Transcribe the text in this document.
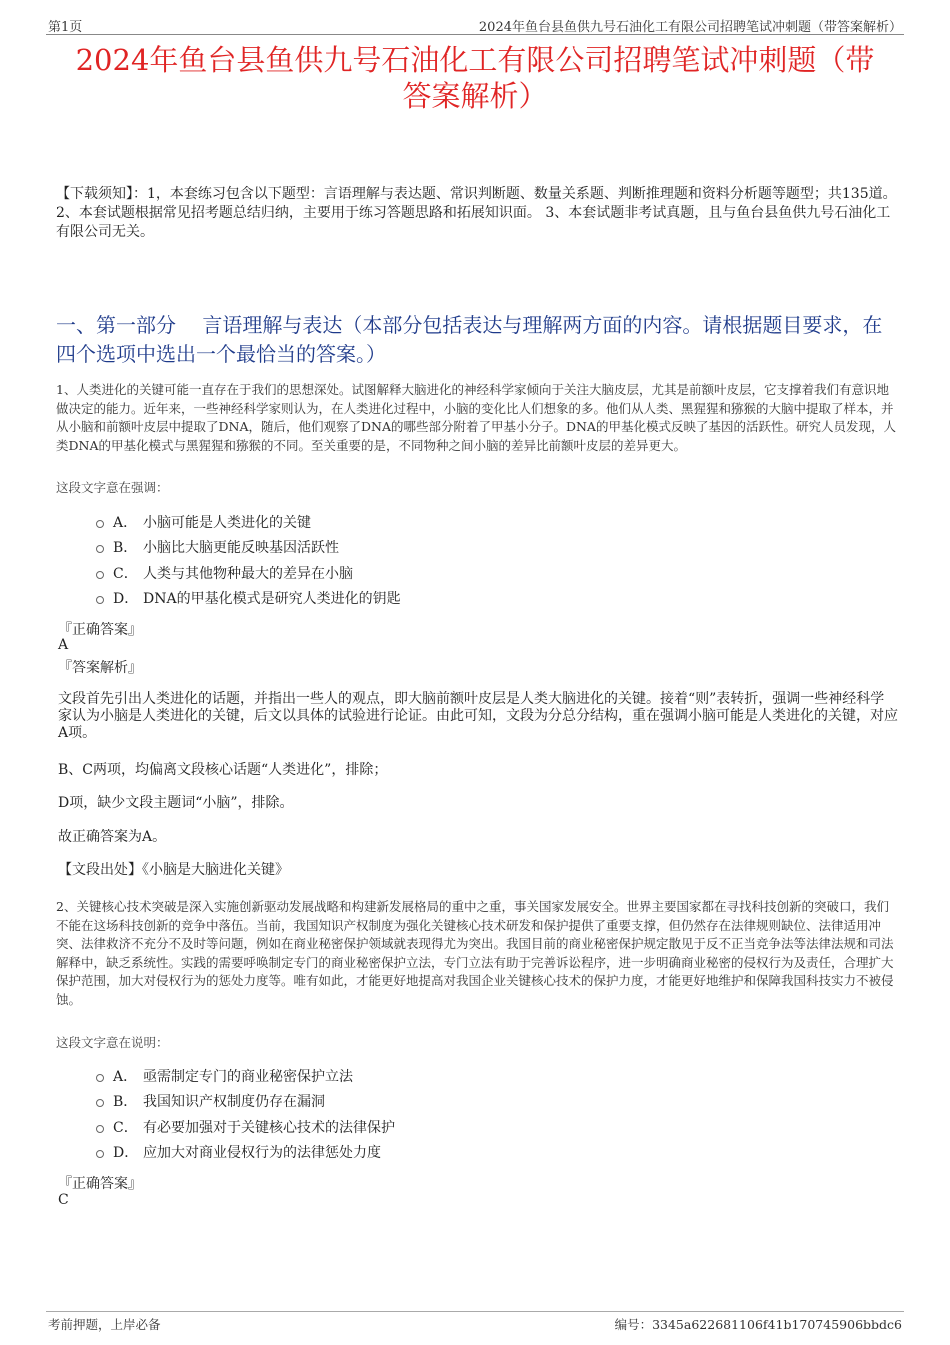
第1页	2024年鱼台县鱼供九号石油化工有限公司招聘笔试冲刺题（带答案解析）
2024年鱼台县鱼供九号石油化工有限公司招聘笔试冲刺题（带
答案解析）
【下载须知】：1，本套练习包含以下题型：言语理解与表达题、常识判断题、数量关系题、判断推理题和资料分析题等题型；共135道。 2、本套试题根据常见招考题总结归纳，主要用于练习答题思路和拓展知识面。 3、本套试题非考试真题，且与鱼台县鱼供九号石油化工有限公司无关。
一、第一部分　 言语理解与表达（本部分包括表达与理解两方面的内容。请根据题目要求，在四个选项中选出一个最恰当的答案。）
1、人类进化的关键可能一直存在于我们的思想深处。试图解释大脑进化的神经科学家倾向于关注大脑皮层，尤其是前额叶皮层，它支撑着我们有意识地做决定的能力。近年来，一些神经科学家则认为，在人类进化过程中，小脑的变化比人们想象的多。他们从人类、黑猩猩和猕猴的大脑中提取了样本，并从小脑和前额叶皮层中提取了DNA，随后，他们观察了DNA的哪些部分附着了甲基小分子。DNA的甲基化模式反映了基因的活跃性。研究人员发现，人类DNA的甲基化模式与黑猩猩和猕猴的不同。至关重要的是，不同物种之间小脑的差异比前额叶皮层的差异更大。
这段文字意在强调：
A． 小脑可能是人类进化的关键
B． 小脑比大脑更能反映基因活跃性
C． 人类与其他物种最大的差异在小脑
D． DNA的甲基化模式是研究人类进化的钥匙
『正确答案』
A
『答案解析』
文段首先引出人类进化的话题，并指出一些人的观点，即大脑前额叶皮层是人类大脑进化的关键。接着“则”表转折，强调一些神经科学家认为小脑是人类进化的关键，后文以具体的试验进行论证。由此可知，文段为分总分结构，重在强调小脑可能是人类进化的关键，对应A项。
B、C两项，均偏离文段核心话题“人类进化”，排除；
D项，缺少文段主题词“小脑”，排除。
故正确答案为A。
【文段出处】《小脑是大脑进化关键》
2、关键核心技术突破是深入实施创新驱动发展战略和构建新发展格局的重中之重，事关国家发展安全。世界主要国家都在寻找科技创新的突破口，我们不能在这场科技创新的竞争中落伍。当前，我国知识产权制度为强化关键核心技术研发和保护提供了重要支撑，但仍然存在法律规则缺位、法律适用冲突、法律救济不充分不及时等问题，例如在商业秘密保护领域就表现得尤为突出。我国目前的商业秘密保护规定散见于反不正当竞争法等法律法规和司法解释中，缺乏系统性。实践的需要呼唤制定专门的商业秘密保护立法，专门立法有助于完善诉讼程序，进一步明确商业秘密的侵权行为及责任，合理扩大保护范围，加大对侵权行为的惩处力度等。唯有如此，才能更好地提高对我国企业关键核心技术的保护力度，才能更好地维护和保障我国科技实力不被侵蚀。
这段文字意在说明：
A． 亟需制定专门的商业秘密保护立法
B． 我国知识产权制度仍存在漏洞
C． 有必要加强对于关键核心技术的法律保护
D． 应加大对商业侵权行为的法律惩处力度
『正确答案』
C
考前押题，上岸必备	编号：3345a622681106f41b170745906bbdc6
